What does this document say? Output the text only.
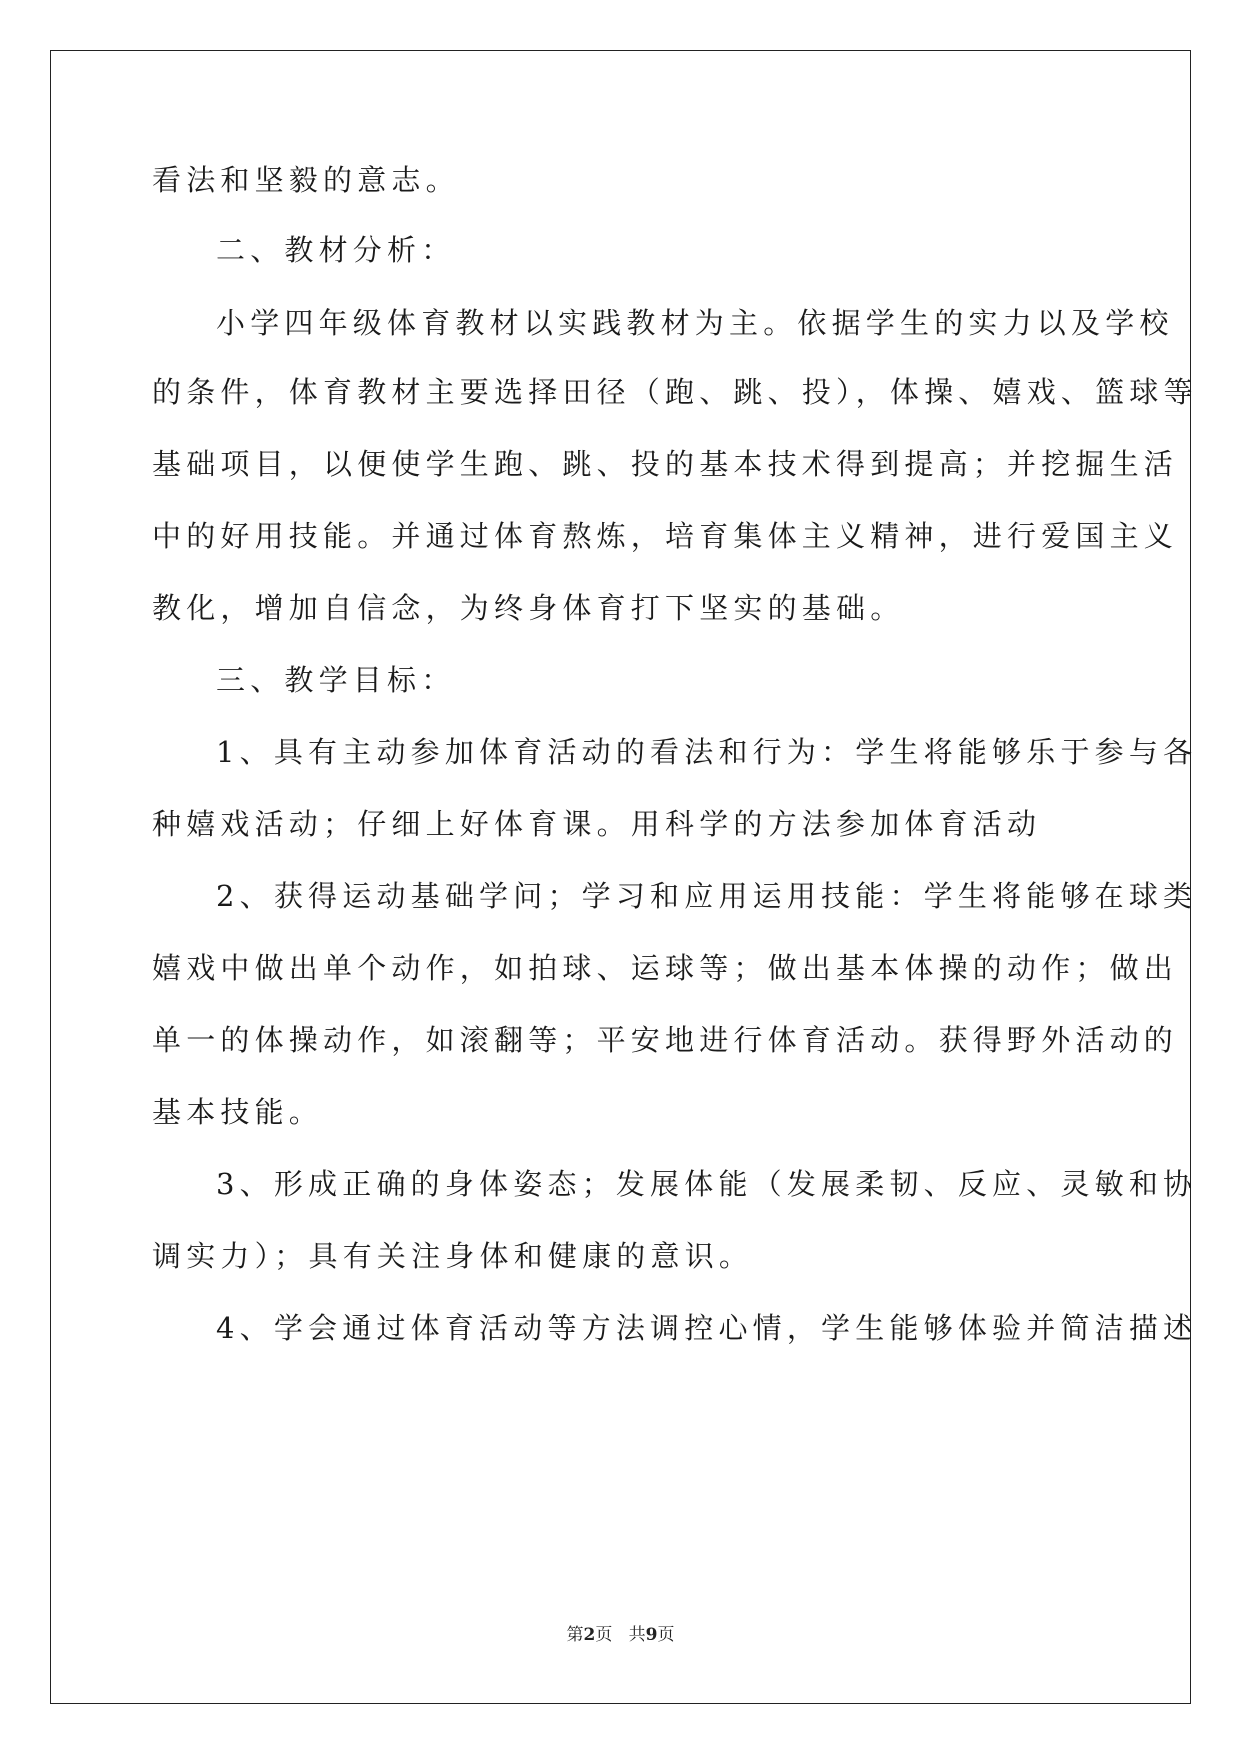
看法和坚毅的意志。
二、教材分析：
小学四年级体育教材以实践教材为主。依据学生的实力以及学校
的条件，体育教材主要选择田径（跑、跳、投），体操、嬉戏、篮球等
基础项目，以便使学生跑、跳、投的基本技术得到提高；并挖掘生活
中的好用技能。并通过体育熬炼，培育集体主义精神，进行爱国主义
教化，增加自信念，为终身体育打下坚实的基础。
三、教学目标：
1、具有主动参加体育活动的看法和行为：学生将能够乐于参与各
种嬉戏活动；仔细上好体育课。用科学的方法参加体育活动
2、获得运动基础学问；学习和应用运用技能：学生将能够在球类
嬉戏中做出单个动作，如拍球、运球等；做出基本体操的动作；做出
单一的体操动作，如滚翻等；平安地进行体育活动。获得野外活动的
基本技能。
3、形成正确的身体姿态；发展体能（发展柔韧、反应、灵敏和协
调实力）；具有关注身体和健康的意识。
4、学会通过体育活动等方法调控心情，学生能够体验并简洁描述
第2页 共9页
